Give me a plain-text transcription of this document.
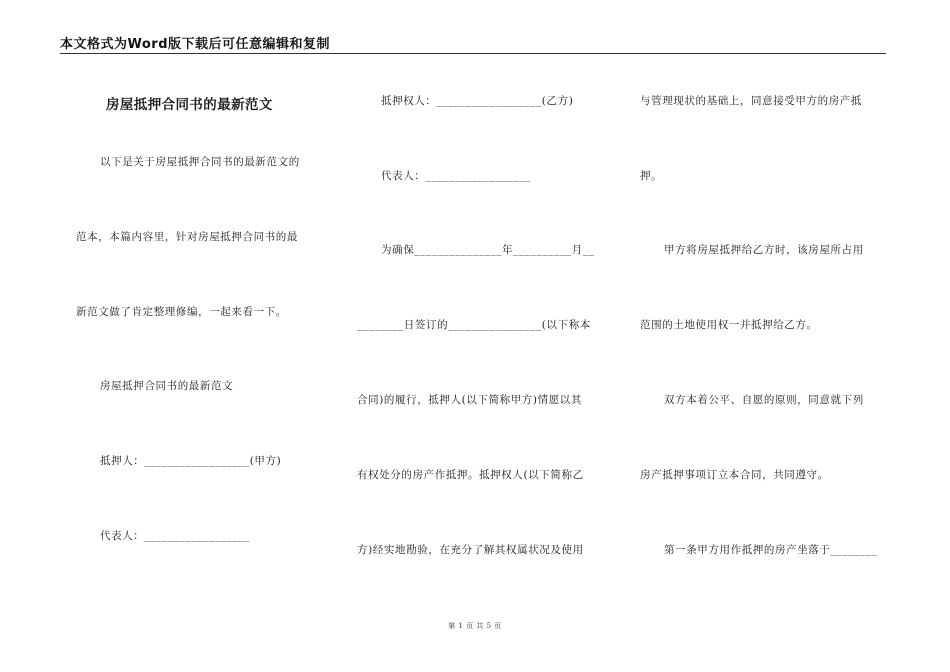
本文格式为Word版下载后可任意编辑和复制
房屋抵押合同书的最新范文
以下是关于房屋抵押合同书的最新范文的
范本，本篇内容里，针对房屋抵押合同书的最
新范文做了肯定整理修编，一起来看一下。
房屋抵押合同书的最新范文
抵押人：__________________(甲方)
代表人：__________________
抵押权人：__________________(乙方)
代表人：__________________
为确保_______________年__________月__
________日签订的________________(以下称本
合同)的履行，抵押人(以下简称甲方)情愿以其
有权处分的房产作抵押。抵押权人(以下简称乙
方)经实地勘验，在充分了解其权属状况及使用
与管理现状的基础上，同意接受甲方的房产抵
押。
甲方将房屋抵押给乙方时，该房屋所占用
范围的土地使用权一并抵押给乙方。
双方本着公平、自愿的原则，同意就下列
房产抵押事项订立本合同，共同遵守。
第一条甲方用作抵押的房产坐落于________
第 1 页 共 5 页
